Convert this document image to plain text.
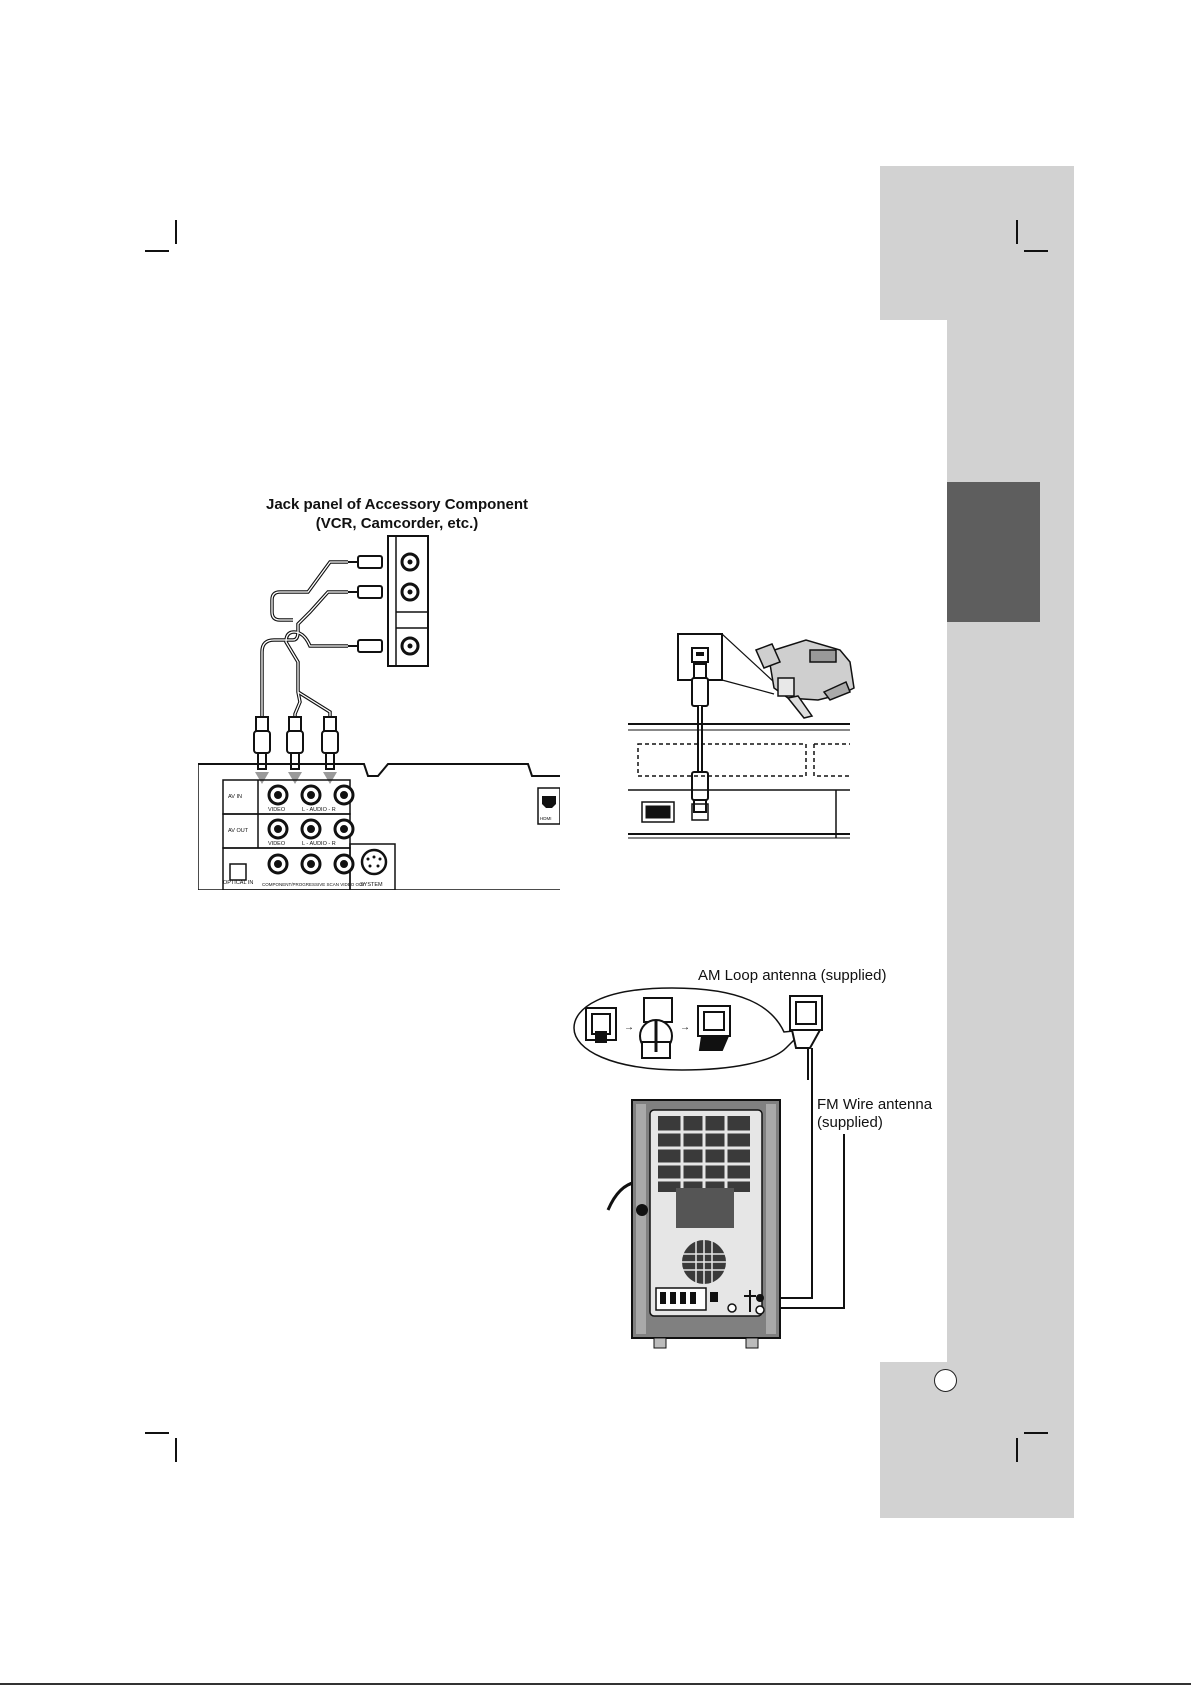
Jack panel of Accessory Component
(VCR, Camcorder, etc.)
AV IN
AV OUT
VIDEO	L - AUDIO - R
VIDEO	L - AUDIO - R
OPTICAL IN COMPONENT/PROGRESSIVE SCAN VIDEO OUT
SYSTEM
HDMI
AM Loop antenna (supplied)
FM Wire antenna
(supplied)
→	→
